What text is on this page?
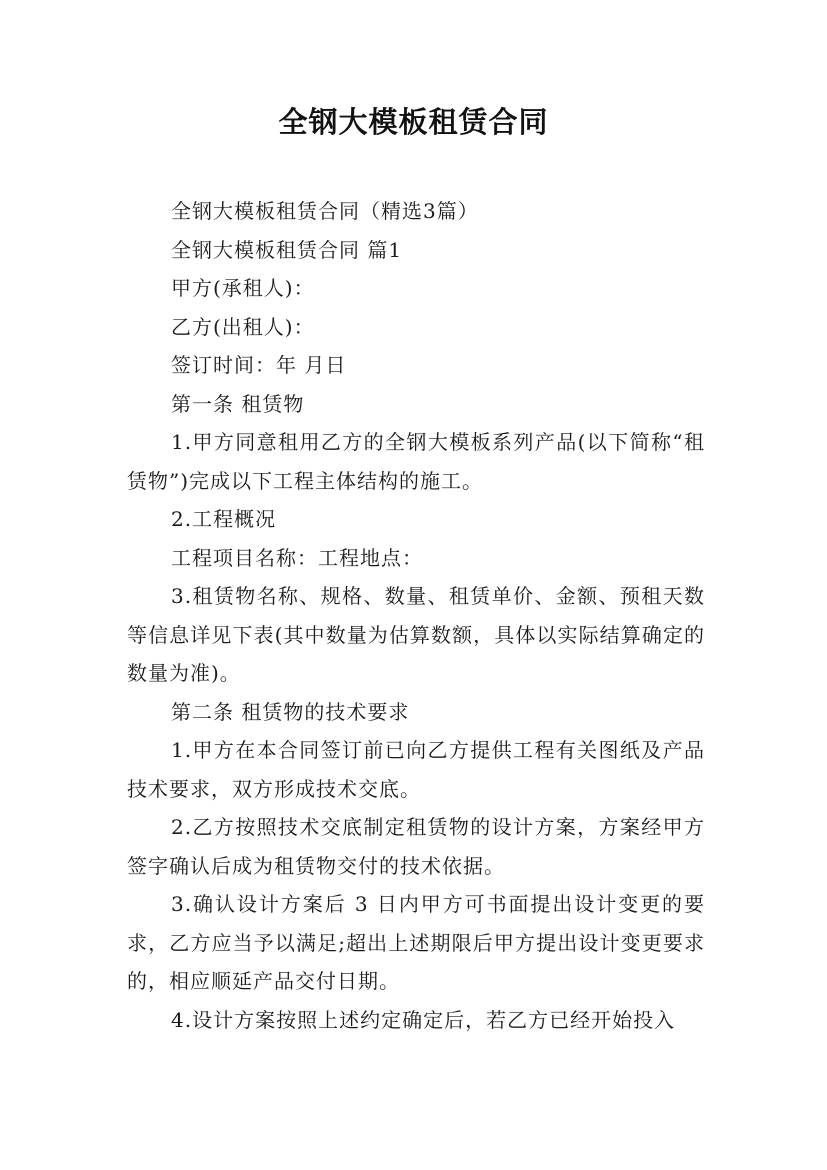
全钢大模板租赁合同

全钢大模板租赁合同（精选3篇）

全钢大模板租赁合同 篇1

甲方(承租人)：

乙方(出租人)：

签订时间：年 月日

第一条 租赁物

1.甲方同意租用乙方的全钢大模板系列产品(以下简称“租赁物”)完成以下工程主体结构的施工。

2.工程概况

工程项目名称：工程地点：

3.租赁物名称、规格、数量、租赁单价、金额、预租天数等信息详见下表(其中数量为估算数额，具体以实际结算确定的数量为准)。

第二条 租赁物的技术要求

1.甲方在本合同签订前已向乙方提供工程有关图纸及产品技术要求，双方形成技术交底。

2.乙方按照技术交底制定租赁物的设计方案，方案经甲方签字确认后成为租赁物交付的技术依据。

3.确认设计方案后 3 日内甲方可书面提出设计变更的要求，乙方应当予以满足;超出上述期限后甲方提出设计变更要求的，相应顺延产品交付日期。

4.设计方案按照上述约定确定后，若乙方已经开始投入
